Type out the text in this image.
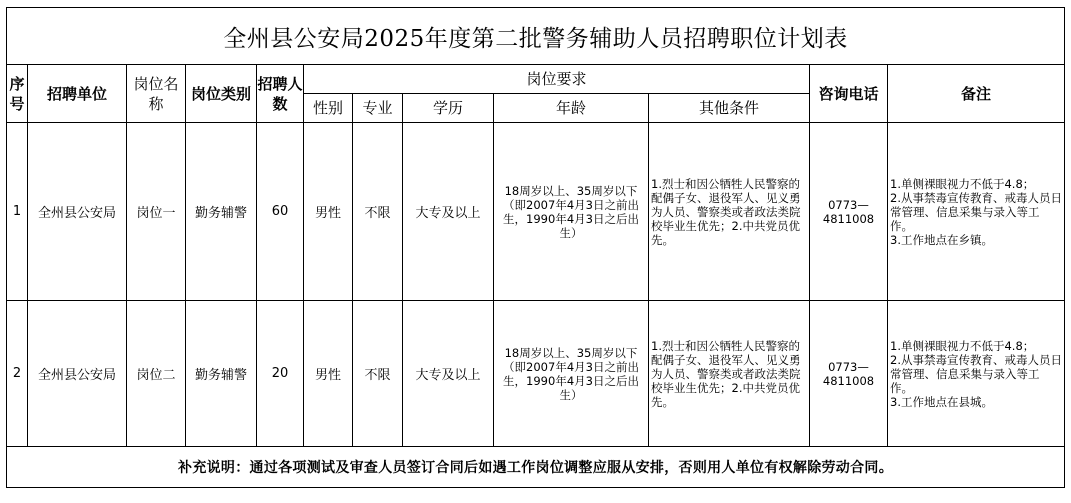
全州县公安局2025年度第二批警务辅助人员招聘职位计划表											
序号	招聘单位	岗位名称	岗位类别	招聘人数	岗位要求					咨询电话	备注
					性别	专业	学历	年龄	其他条件		
1	全州县公安局	岗位一	勤务辅警	60	男性	不限	大专及以上	18周岁以上、35周岁以下（即2007年4月3日之前出生，1990年4月3日之后出生）	1.烈士和因公牺牲人民警察的配偶子女、退役军人、见义勇为人员、警察类或者政法类院校毕业生优先；2.中共党员优先。	0773—4811008	1.单侧裸眼视力不低于4.8；
2.从事禁毒宣传教育、戒毒人员日常管理、信息采集与录入等工作。
3.工作地点在乡镇。
2	全州县公安局	岗位二	勤务辅警	20	男性	不限	大专及以上	18周岁以上、35周岁以下（即2007年4月3日之前出生，1990年4月3日之后出生）	1.烈士和因公牺牲人民警察的配偶子女、退役军人、见义勇为人员、警察类或者政法类院校毕业生优先；2.中共党员优先。	0773—4811008	1.单侧裸眼视力不低于4.8；
2.从事禁毒宣传教育、戒毒人员日常管理、信息采集与录入等工作。
3.工作地点在县城。
补充说明：通过各项测试及审查人员签订合同后如遇工作岗位调整应服从安排，否则用人单位有权解除劳动合同。											
